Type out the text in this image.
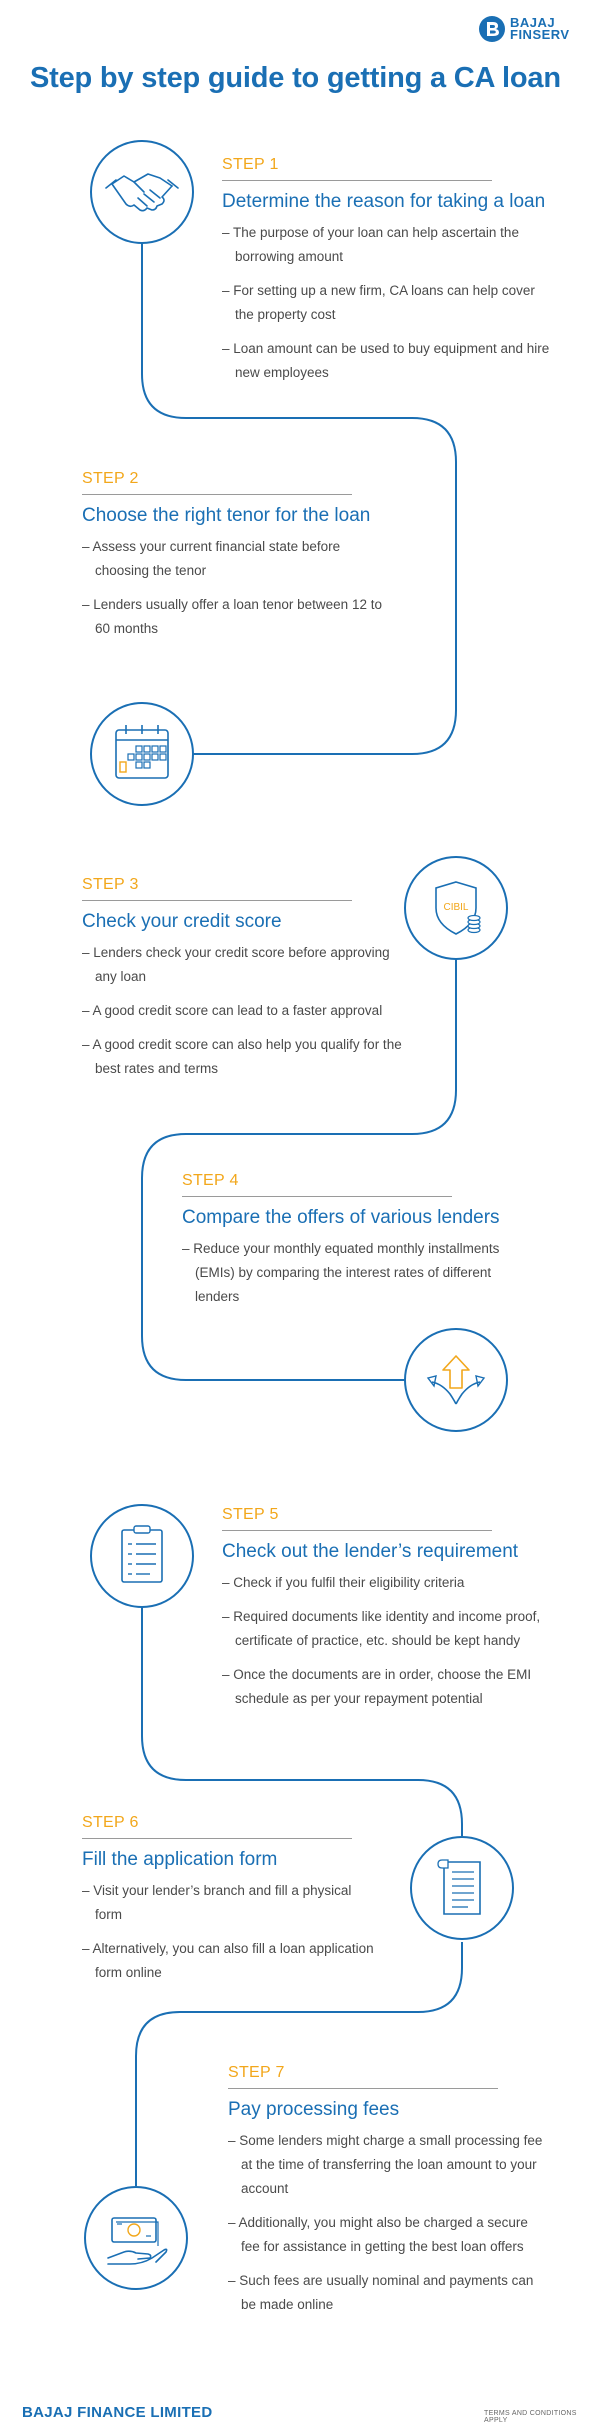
BAJAJ
FINSERV
Step by step guide to getting a CA loan
STEP 1
Determine the reason for taking a loan
– The purpose of your loan can help ascertain the borrowing amount
– For setting up a new firm, CA loans can help cover the property cost
– Loan amount can be used to buy equipment and hire new employees
STEP 2
Choose the right tenor for the loan
– Assess your current financial state before choosing the tenor
– Lenders usually offer a loan tenor between 12 to 60 months
STEP 3
Check your credit score
– Lenders check your credit score before approving any loan
– A good credit score can lead to a faster approval
– A good credit score can also help you qualify for the best rates and terms
CIBIL
STEP 4
Compare the offers of various lenders
– Reduce your monthly equated monthly installments (EMIs) by comparing the interest rates of different lenders
STEP 5
Check out the lender’s requirement
– Check if you fulfil their eligibility criteria
– Required documents like identity and income proof, certificate of practice, etc. should be kept handy
– Once the documents are in order, choose the EMI schedule as per your repayment potential
STEP 6
Fill the application form
– Visit your lender’s branch and fill a physical form
– Alternatively, you can also fill a loan application form online
STEP 7
Pay processing fees
– Some lenders might charge a small processing fee at the time of transferring the loan amount to your account
– Additionally, you might also be charged a secure fee for assistance in getting the best loan offers
– Such fees are usually nominal and payments can be made online
BAJAJ FINANCE LIMITED	TERMS AND CONDITIONS APPLY
